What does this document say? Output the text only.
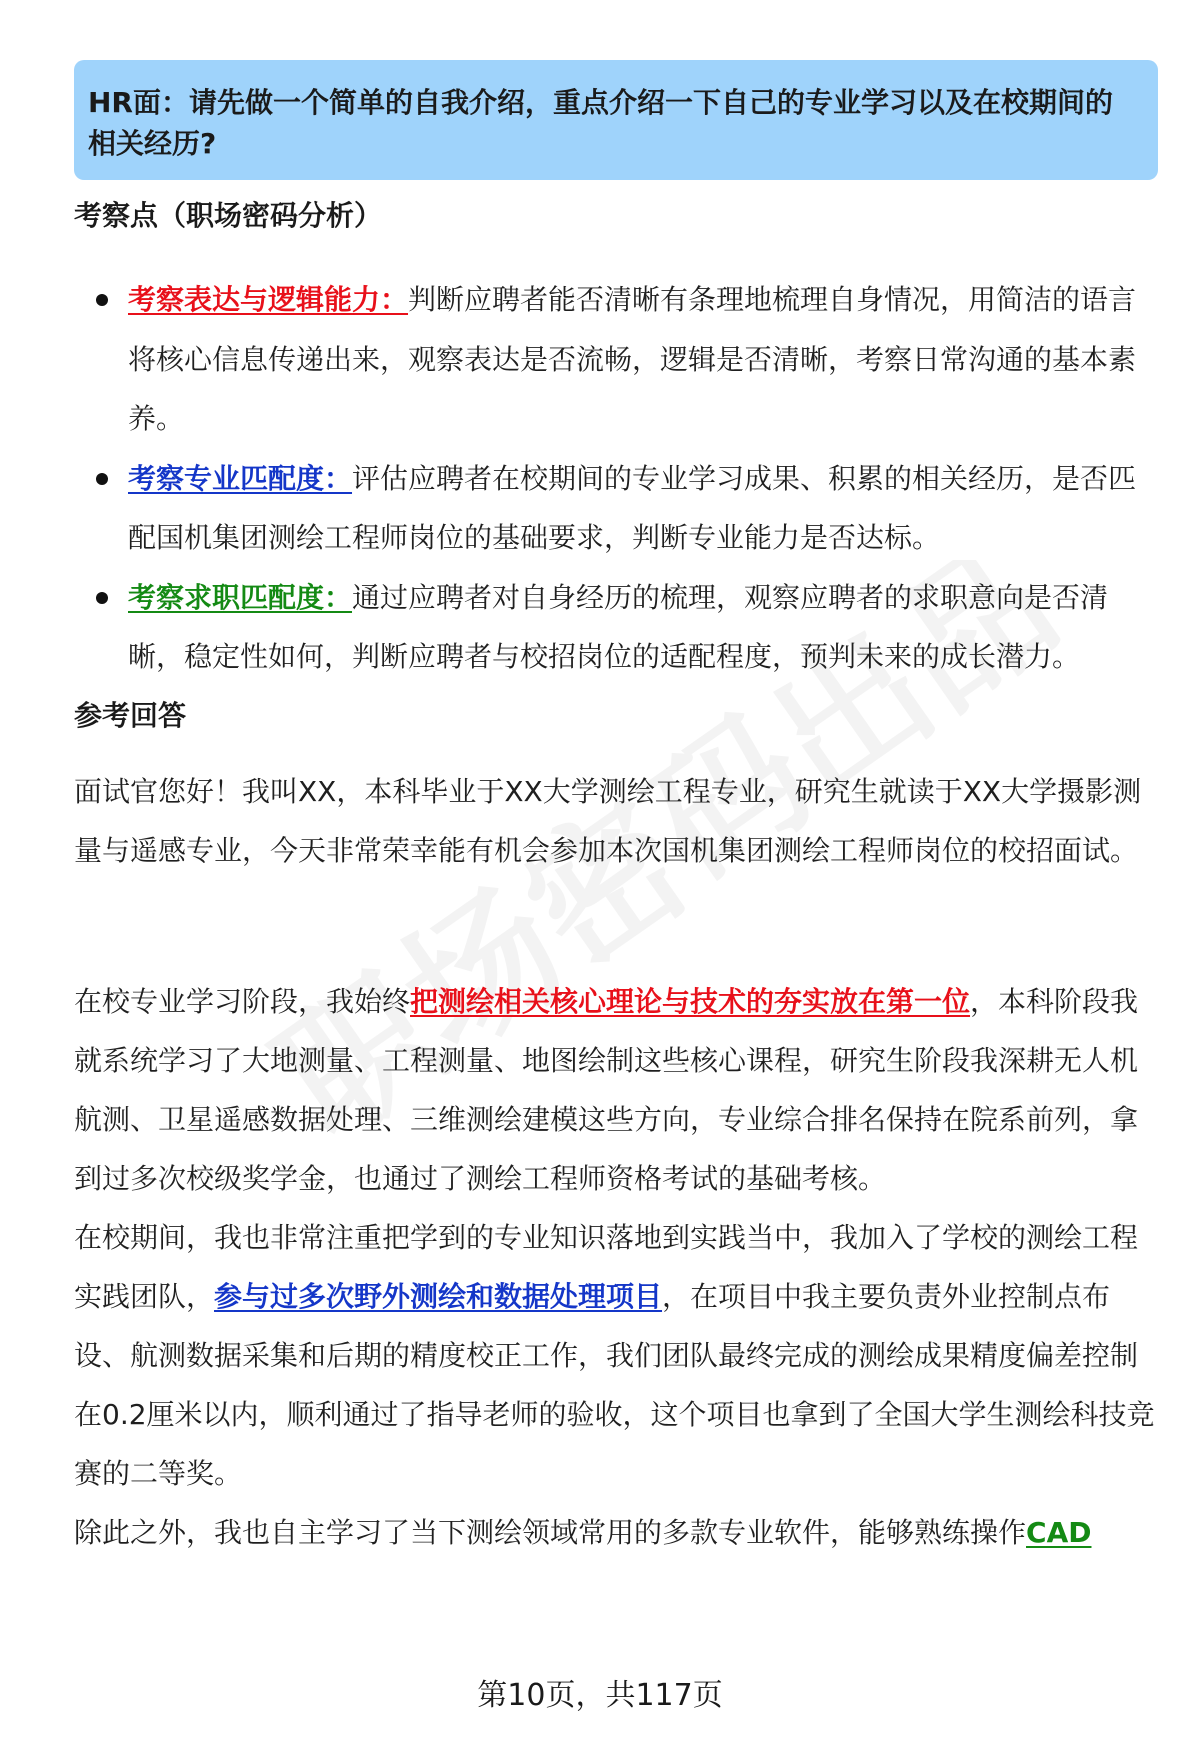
HR面：请先做一个简单的自我介绍，重点介绍一下自己的专业学习以及在校期间的相关经历?
考察点（职场密码分析）
考察表达与逻辑能力：判断应聘者能否清晰有条理地梳理自身情况，用简洁的语言将核心信息传递出来，观察表达是否流畅，逻辑是否清晰，考察日常沟通的基本素养。
考察专业匹配度：评估应聘者在校期间的专业学习成果、积累的相关经历，是否匹配国机集团测绘工程师岗位的基础要求，判断专业能力是否达标。
考察求职匹配度：通过应聘者对自身经历的梳理，观察应聘者的求职意向是否清晰，稳定性如何，判断应聘者与校招岗位的适配程度，预判未来的成长潜力。
参考回答

面试官您好！我叫XX，本科毕业于XX大学测绘工程专业，研究生就读于XX大学摄影测量与遥感专业，今天非常荣幸能有机会参加本次国机集团测绘工程师岗位的校招面试。

在校专业学习阶段，我始终把测绘相关核心理论与技术的夯实放在第一位，本科阶段我就系统学习了大地测量、工程测量、地图绘制这些核心课程，研究生阶段我深耕无人机航测、卫星遥感数据处理、三维测绘建模这些方向，专业综合排名保持在院系前列，拿到过多次校级奖学金，也通过了测绘工程师资格考试的基础考核。

在校期间，我也非常注重把学到的专业知识落地到实践当中，我加入了学校的测绘工程实践团队，参与过多次野外测绘和数据处理项目，在项目中我主要负责外业控制点布设、航测数据采集和后期的精度校正工作，我们团队最终完成的测绘成果精度偏差控制在0.2厘米以内，顺利通过了指导老师的验收，这个项目也拿到了全国大学生测绘科技竞赛的二等奖。

除此之外，我也自主学习了当下测绘领域常用的多款专业软件，能够熟练操作CAD

第10页，共117页
